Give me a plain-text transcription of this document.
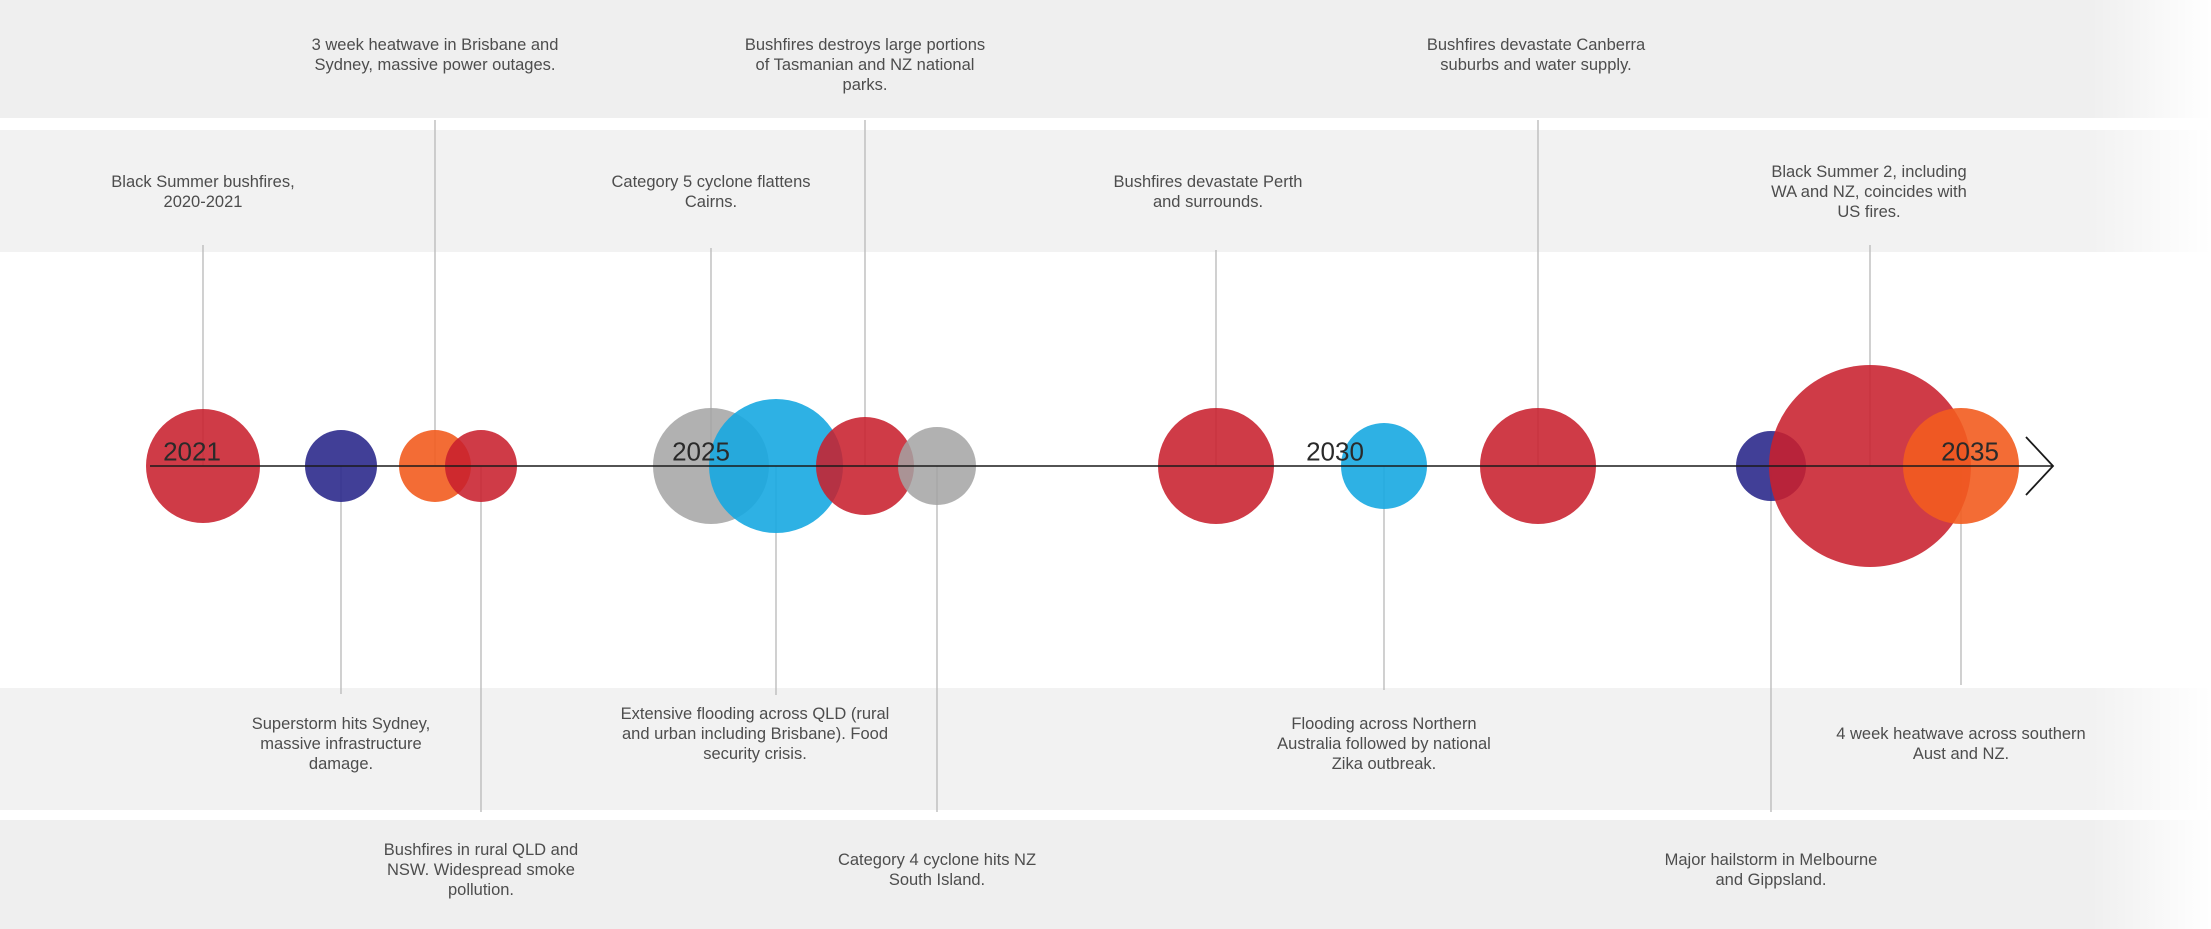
2021	2025	2030	2035
Black Summer bushfires, 2020-2021
Superstorm hits Sydney, massive infrastructure damage.
3 week heatwave in Brisbane and Sydney, massive power outages.
Bushfires in rural QLD and NSW. Widespread smoke pollution.
Category 5 cyclone flattens Cairns.
Extensive flooding across QLD (rural and urban including Brisbane). Food security crisis.
Bushfires destroys large portions of Tasmanian and NZ national parks.
Category 4 cyclone hits NZ South Island.
Bushfires devastate Perth and surrounds.
Flooding across Northern Australia followed by national Zika outbreak.
Bushfires devastate Canberra suburbs and water supply.
Major hailstorm in Melbourne and Gippsland.
Black Summer 2, including WA and NZ, coincides with US fires.
4 week heatwave across southern Aust and NZ.
